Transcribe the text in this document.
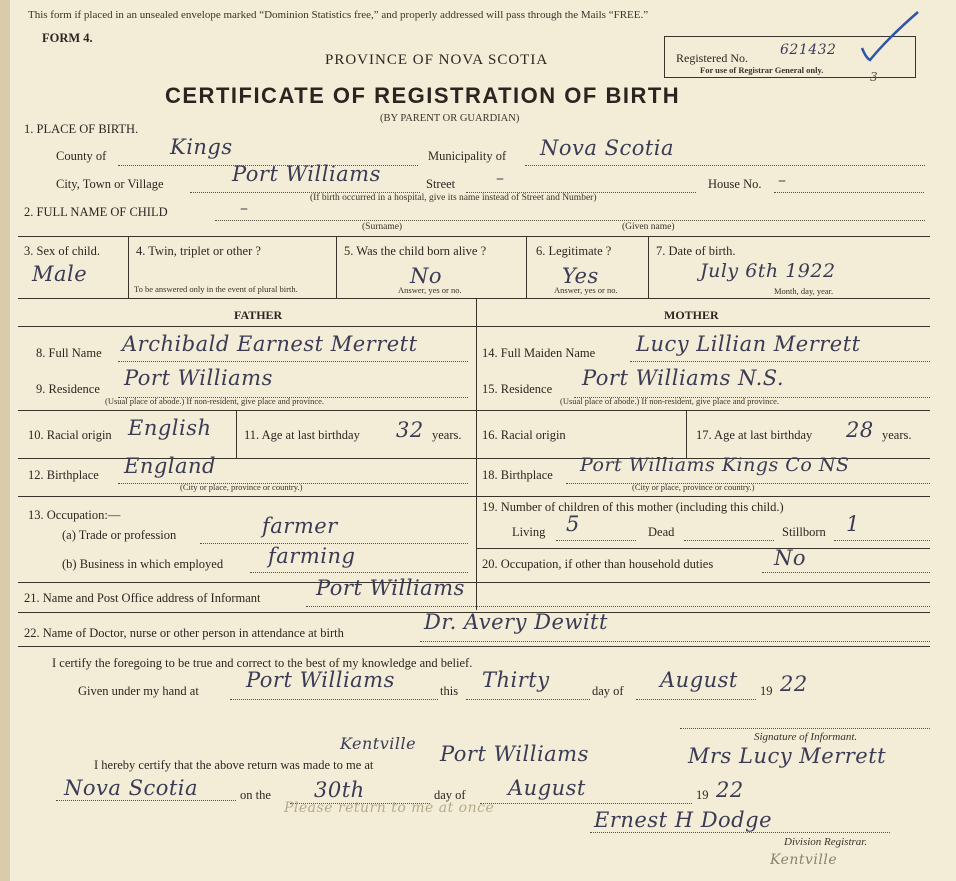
This form if placed in an unsealed envelope marked “Dominion Statistics free,” and properly addressed will pass through the Mails “FREE.”
FORM 4.
PROVINCE OF NOVA SCOTIA
CERTIFICATE OF REGISTRATION OF BIRTH
(BY PARENT OR GUARDIAN)
Registered No. 621432
For use of Registrar General only.	3
1. PLACE OF BIRTH.
County of	Kings	Municipality of Nova Scotia
City, Town or Village	Port Williams	Street	–	House No. –
(If birth occurred in a hospital, give its name instead of Street and Number)
2. FULL NAME OF CHILD	–
(Surname)	(Given name)
3. Sex of child.
Male
4. Twin, triplet or other ?
To be answered only in the event of plural birth.
5. Was the child born alive ?
No
Answer, yes or no.
6. Legitimate ?
Yes
Answer, yes or no.
7. Date of birth.
July 6th 1922
Month, day, year.
FATHER	MOTHER
8. Full Name Archibald Earnest Merrett
9. Residence Port Williams
(Usual place of abode.) If non-resident, give place and province.
10. Racial origin English	11. Age at last birthday 32 years.
12. Birthplace England
(City or place, province or country.)
13. Occupation:—
(a) Trade or profession	farmer
(b) Business in which employed farming
14. Full Maiden Name Lucy Lillian Merrett
15. Residence Port Williams N.S.
(Usual place of abode.) If non-resident, give place and province.
16. Racial origin	17. Age at last birthday 28 years.
18. Birthplace Port Williams Kings Co NS
(City or place, province or country.)
19. Number of children of this mother (including this child.)
Living 5	Dead	Stillborn 1
20. Occupation, if other than household duties	No
21. Name and Post Office address of Informant	Port Williams
22. Name of Doctor, nurse or other person in attendance at birth	Dr. Avery Dewitt
I certify the foregoing to be true and correct to the best of my knowledge and belief.
Given under my hand at Port Williams	this Thirty	day of August 19 22
Signature of Informant.
I hereby certify that the above return was made to me at
Kentville Port Williams	Mrs Lucy Merrett
Nova Scotia	on the 30th	day of August	19 22
Please return to me at once	Ernest H Dodge
Division Registrar.
Kentville
